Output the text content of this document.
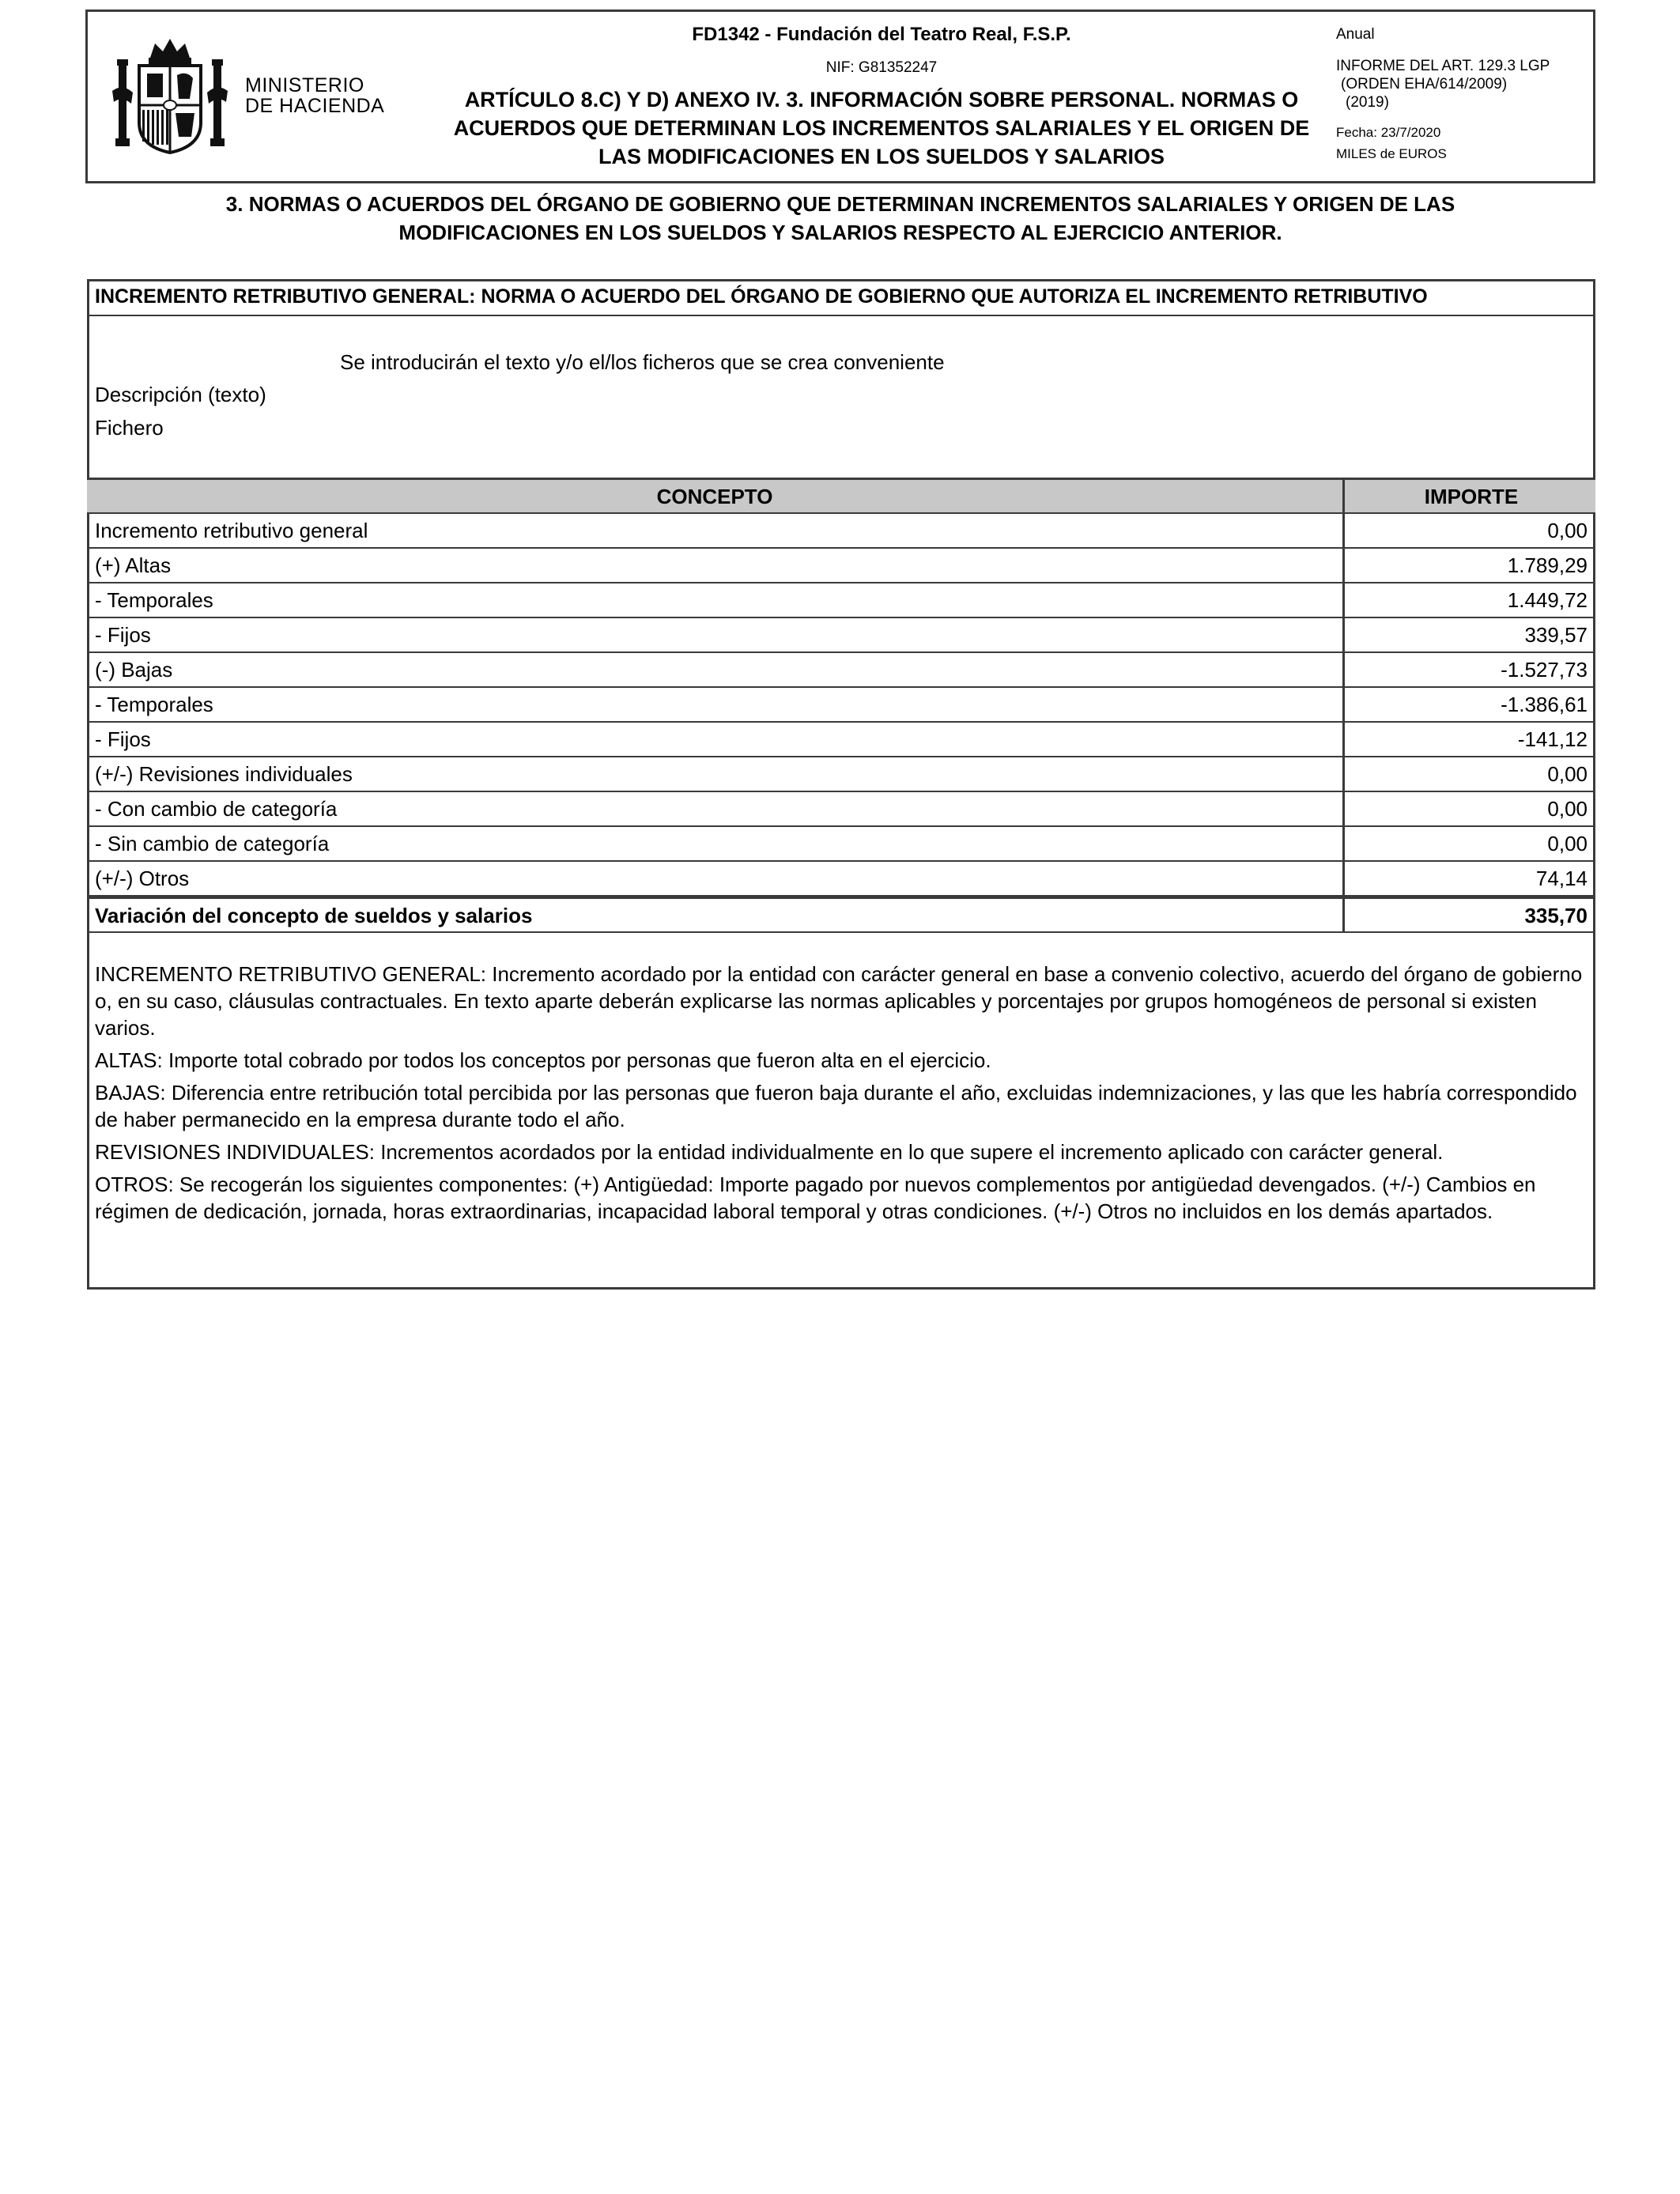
MINISTERIO
DE HACIENDA
FD1342 - Fundación del Teatro Real, F.S.P.
NIF: G81352247
ARTÍCULO 8.C) Y D) ANEXO IV. 3. INFORMACIÓN SOBRE PERSONAL. NORMAS O
ACUERDOS QUE DETERMINAN LOS INCREMENTOS SALARIALES Y EL ORIGEN DE
LAS MODIFICACIONES EN LOS SUELDOS Y SALARIOS
Anual
INFORME DEL ART. 129.3 LGP
(ORDEN EHA/614/2009)
(2019)
Fecha: 23/7/2020
MILES de EUROS
3. NORMAS O ACUERDOS DEL ÓRGANO DE GOBIERNO QUE DETERMINAN INCREMENTOS SALARIALES Y ORIGEN DE LAS
MODIFICACIONES EN LOS SUELDOS Y SALARIOS RESPECTO AL EJERCICIO ANTERIOR.
INCREMENTO RETRIBUTIVO GENERAL: NORMA O ACUERDO DEL ÓRGANO DE GOBIERNO QUE AUTORIZA EL INCREMENTO RETRIBUTIVO
Se introducirán el texto y/o el/los ficheros que se crea conveniente
Descripción (texto)
Fichero
CONCEPTO	IMPORTE
Incremento retributivo general	0,00
(+) Altas	1.789,29
- Temporales	1.449,72
- Fijos	339,57
(-) Bajas	-1.527,73
- Temporales	-1.386,61
- Fijos	-141,12
(+/-) Revisiones individuales	0,00
- Con cambio de categoría	0,00
- Sin cambio de categoría	0,00
(+/-) Otros	74,14
Variación del concepto de sueldos y salarios	335,70

INCREMENTO RETRIBUTIVO GENERAL: Incremento acordado por la entidad con carácter general en base a convenio colectivo, acuerdo del órgano de gobierno o, en su caso, cláusulas contractuales. En texto aparte deberán explicarse las normas aplicables y porcentajes por grupos homogéneos de personal si existen varios.

ALTAS: Importe total cobrado por todos los conceptos por personas que fueron alta en el ejercicio.

BAJAS: Diferencia entre retribución total percibida por las personas que fueron baja durante el año, excluidas indemnizaciones, y las que les habría correspondido de haber permanecido en la empresa durante todo el año.

REVISIONES INDIVIDUALES: Incrementos acordados por la entidad individualmente en lo que supere el incremento aplicado con carácter general.

OTROS: Se recogerán los siguientes componentes: (+) Antigüedad: Importe pagado por nuevos complementos por antigüedad devengados. (+/-) Cambios en régimen de dedicación, jornada, horas extraordinarias, incapacidad laboral temporal y otras condiciones. (+/-) Otros no incluidos en los demás apartados.
